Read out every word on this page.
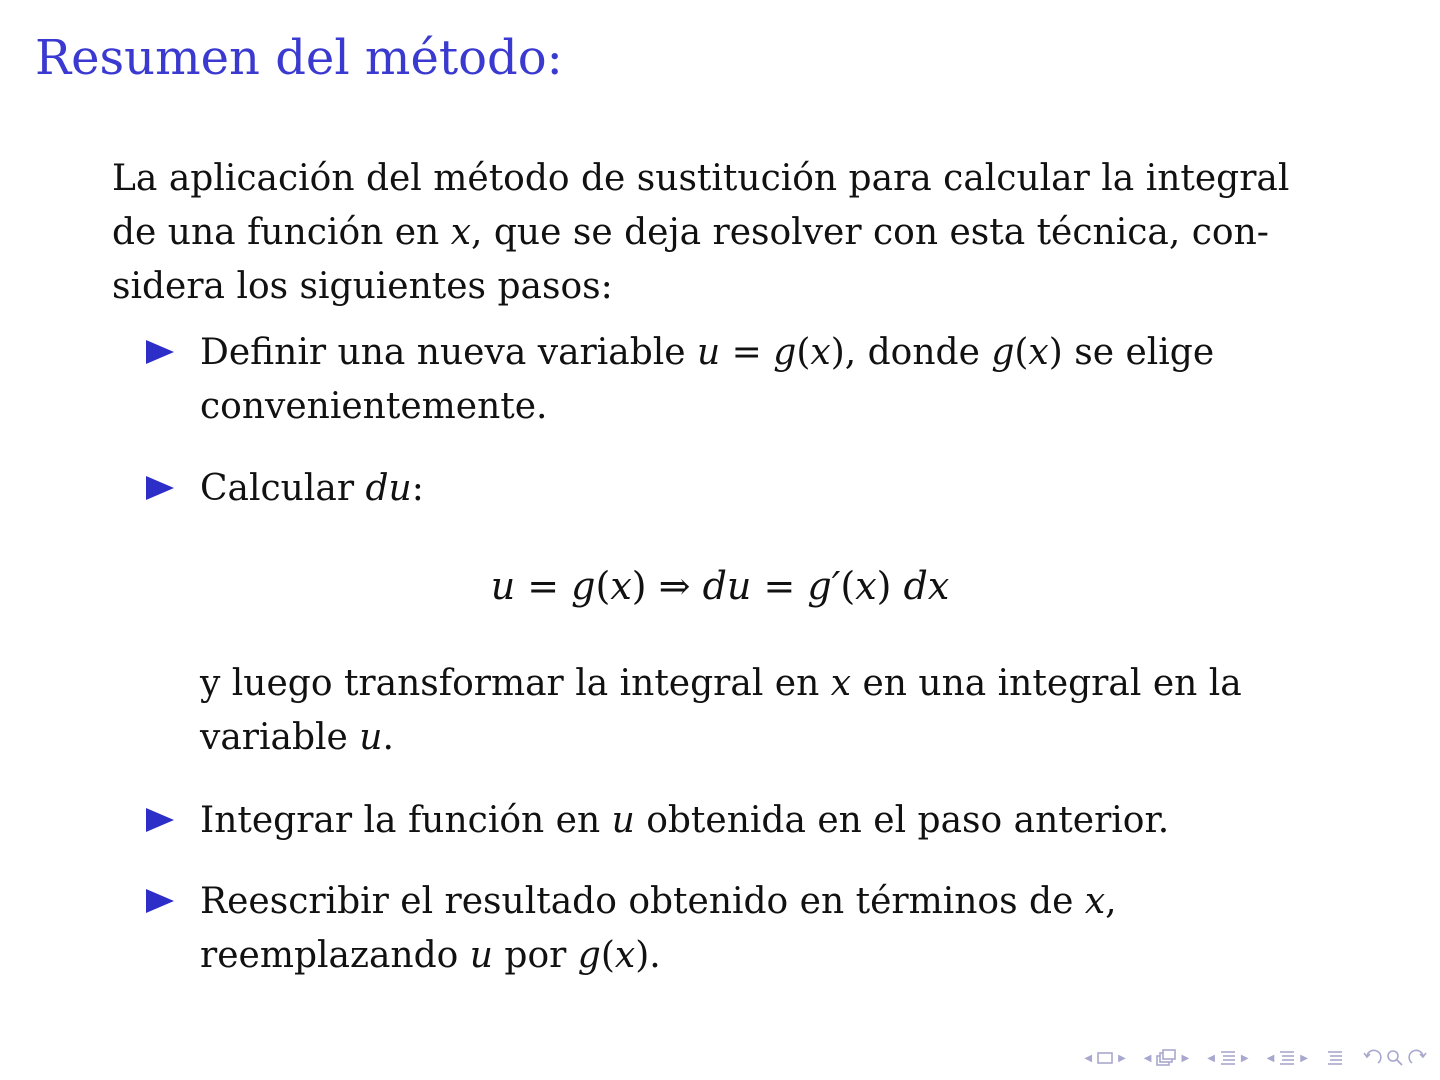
Resumen del método:
La aplicación del método de sustitución para calcular la integral
de una función en x, que se deja resolver con esta técnica, con-
sidera los siguientes pasos:
Definir una nueva variable u = g(x), donde g(x) se elige
convenientemente.
Calcular du:
u = g(x) ⇒ du = g′(x) dx
y luego transformar la integral en x en una integral en la
variable u.
Integrar la función en u obtenida en el paso anterior.
Reescribir el resultado obtenido en términos de x,
reemplazando u por g(x).
◀	▶ ◀	▶ ◀	▶ ◀	▶
